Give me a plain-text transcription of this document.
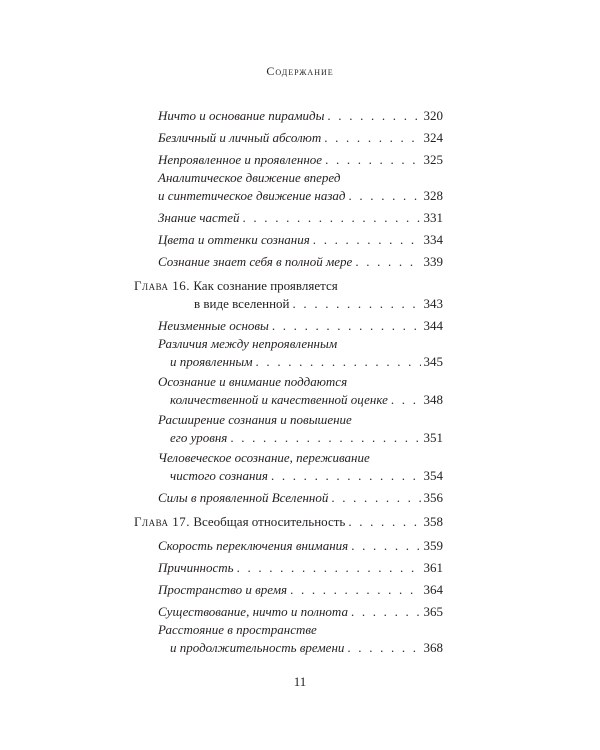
Содержание
Ничто и основание пирамиды . . .	320
Безличный и личный абсолют . . .	324
Непроявленное и проявленное . . .	325
Аналитическое движение вперед
и синтетическое движение назад . . .	328
Знание частей . . .	331
Цвета и оттенки сознания . . .	334
Сознание знает себя в полной мере . . .	339
Глава 16. Как сознание проявляется
в виде вселенной . . .	343
Неизменные основы . . .	344
Различия между непроявленным
и проявленным . . .	345
Осознание и внимание поддаются
количественной и качественной оценке . . .	348
Расширение сознания и повышение
его уровня . . .	351
Человеческое осознание, переживание
чистого сознания . . .	354
Силы в проявленной Вселенной . . .	356
Глава 17. Всеобщая относительность . . .	358
Скорость переключения внимания . . .	359
Причинность . . .	361
Пространство и время . . .	364
Существование, ничто и полнота . . .	365
Расстояние в пространстве
и продолжительность времени . . .	368
11
